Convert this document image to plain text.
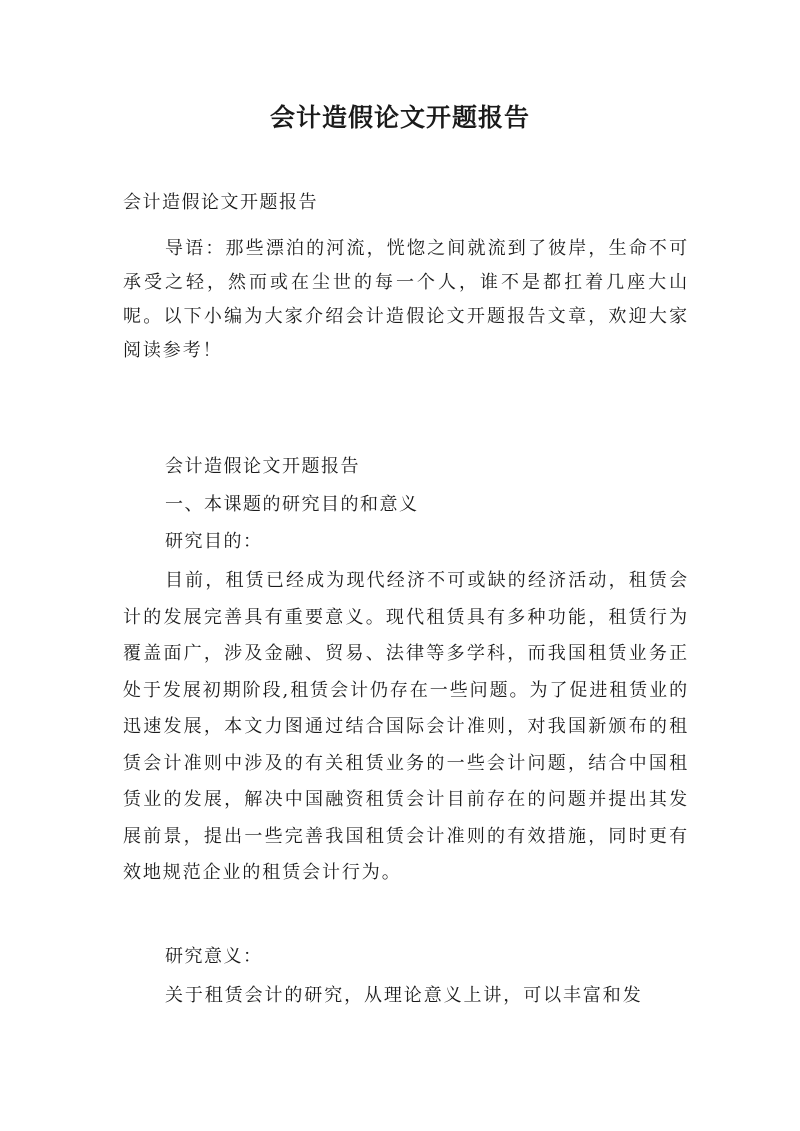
会计造假论文开题报告
会计造假论文开题报告

导语：那些漂泊的河流，恍惚之间就流到了彼岸，生命不可承受之轻，然而或在尘世的每一个人，谁不是都扛着几座大山呢。以下小编为大家介绍会计造假论文开题报告文章，欢迎大家阅读参考！

会计造假论文开题报告
一、本课题的研究目的和意义
研究目的：

目前，租赁已经成为现代经济不可或缺的经济活动，租赁会计的发展完善具有重要意义。现代租赁具有多种功能，租赁行为覆盖面广，涉及金融、贸易、法律等多学科，而我国租赁业务正处于发展初期阶段,租赁会计仍存在一些问题。为了促进租赁业的迅速发展，本文力图通过结合国际会计准则，对我国新颁布的租赁会计准则中涉及的有关租赁业务的一些会计问题，结合中国租赁业的发展，解决中国融资租赁会计目前存在的问题并提出其发展前景，提出一些完善我国租赁会计准则的有效措施，同时更有效地规范企业的租赁会计行为。

研究意义：

关于租赁会计的研究，从理论意义上讲，可以丰富和发
